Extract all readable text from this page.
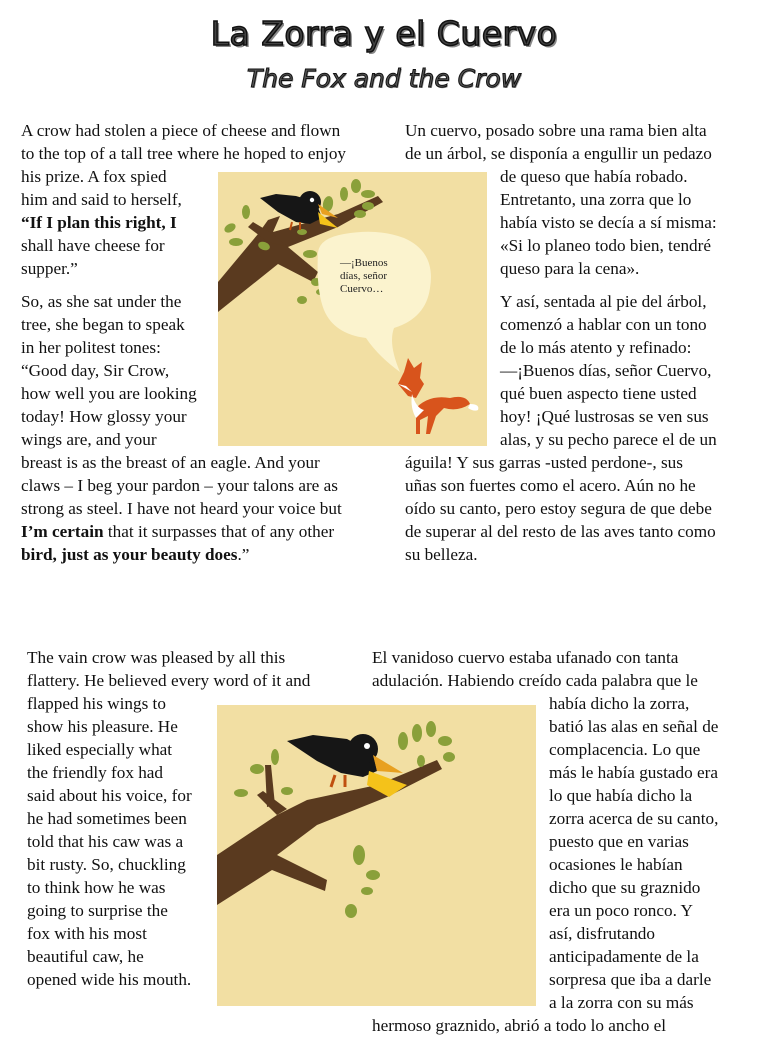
La Zorra y el Cuervo
The Fox and the Crow
—¡Buenos
días, señor
Cuervo…

A crow had stolen a piece of cheese and flown

to the top of a tall tree where he hoped to enjoy

his prize. A fox spied

him and said to herself,

“If I plan this right, I

shall have cheese for

supper.”

So, as she sat under the

tree, she began to speak

in her politest tones:

“Good day, Sir Crow,

how well you are looking

today! How glossy your

wings are, and your

breast is as the breast of an eagle. And your

claws – I beg your pardon – your talons are as

strong as steel. I have not heard your voice but

I’m certain that it surpasses that of any other

bird, just as your beauty does.”

Un cuervo, posado sobre una rama bien alta

de un árbol, se disponía a engullir un pedazo

de queso que había robado.

Entretanto, una zorra que lo

había visto se decía a sí misma:

«Si lo planeo todo bien, tendré

queso para la cena».

Y así, sentada al pie del árbol,

comenzó a hablar con un tono

de lo más atento y refinado:

—¡Buenos días, señor Cuervo,

qué buen aspecto tiene usted

hoy! ¡Qué lustrosas se ven sus

alas, y su pecho parece el de un

águila! Y sus garras -usted perdone-, sus

uñas son fuertes como el acero. Aún no he

oído su canto, pero estoy segura de que debe

de superar al del resto de las aves tanto como

su belleza.

The vain crow was pleased by all this

flattery. He believed every word of it and

flapped his wings to

show his pleasure. He

liked especially what

the friendly fox had

said about his voice, for

he had sometimes been

told that his caw was a

bit rusty. So, chuckling

to think how he was

going to surprise the

fox with his most

beautiful caw, he

opened wide his mouth.

El vanidoso cuervo estaba ufanado con tanta

adulación. Habiendo creído cada palabra que le

había dicho la zorra,

batió las alas en señal de

complacencia. Lo que

más le había gustado era

lo que había dicho la

zorra acerca de su canto,

puesto que en varias

ocasiones le habían

dicho que su graznido

era un poco ronco. Y

así, disfrutando

anticipadamente de la

sorpresa que iba a darle

a la zorra con su más

hermoso graznido, abrió a todo lo ancho el
